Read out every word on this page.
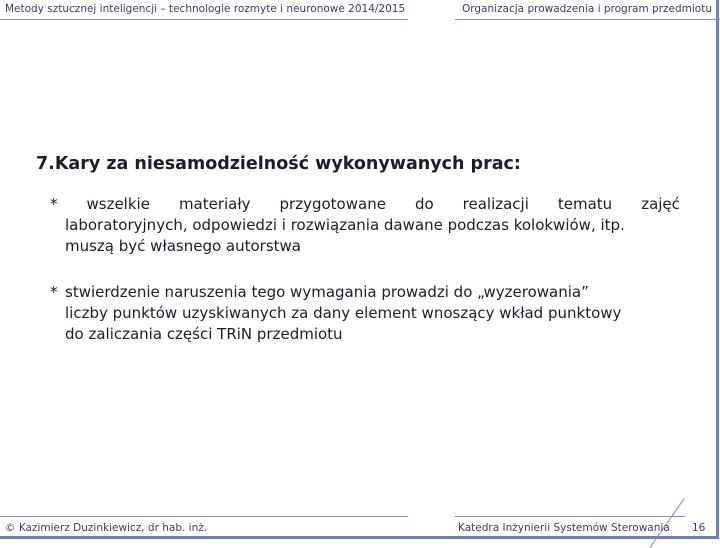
Metody sztucznej inteligencji – technologie rozmyte i neuronowe 2014/2015	Organizacja prowadzenia i program przedmiotu
7.Kary za niesamodzielność wykonywanych prac:
* wszelkie materiały przygotowane do realizacji tematu zajęć
laboratoryjnych, odpowiedzi i rozwiązania dawane podczas kolokwiów, itp.
muszą być własnego autorstwa
* stwierdzenie naruszenia tego wymagania prowadzi do „wyzerowania”
liczby punktów uzyskiwanych za dany element wnoszący wkład punktowy
do zaliczania części TRiN przedmiotu
© Kazimierz Duzinkiewicz, dr hab. inż.	Katedra Inżynierii Systemów Sterowania 16
